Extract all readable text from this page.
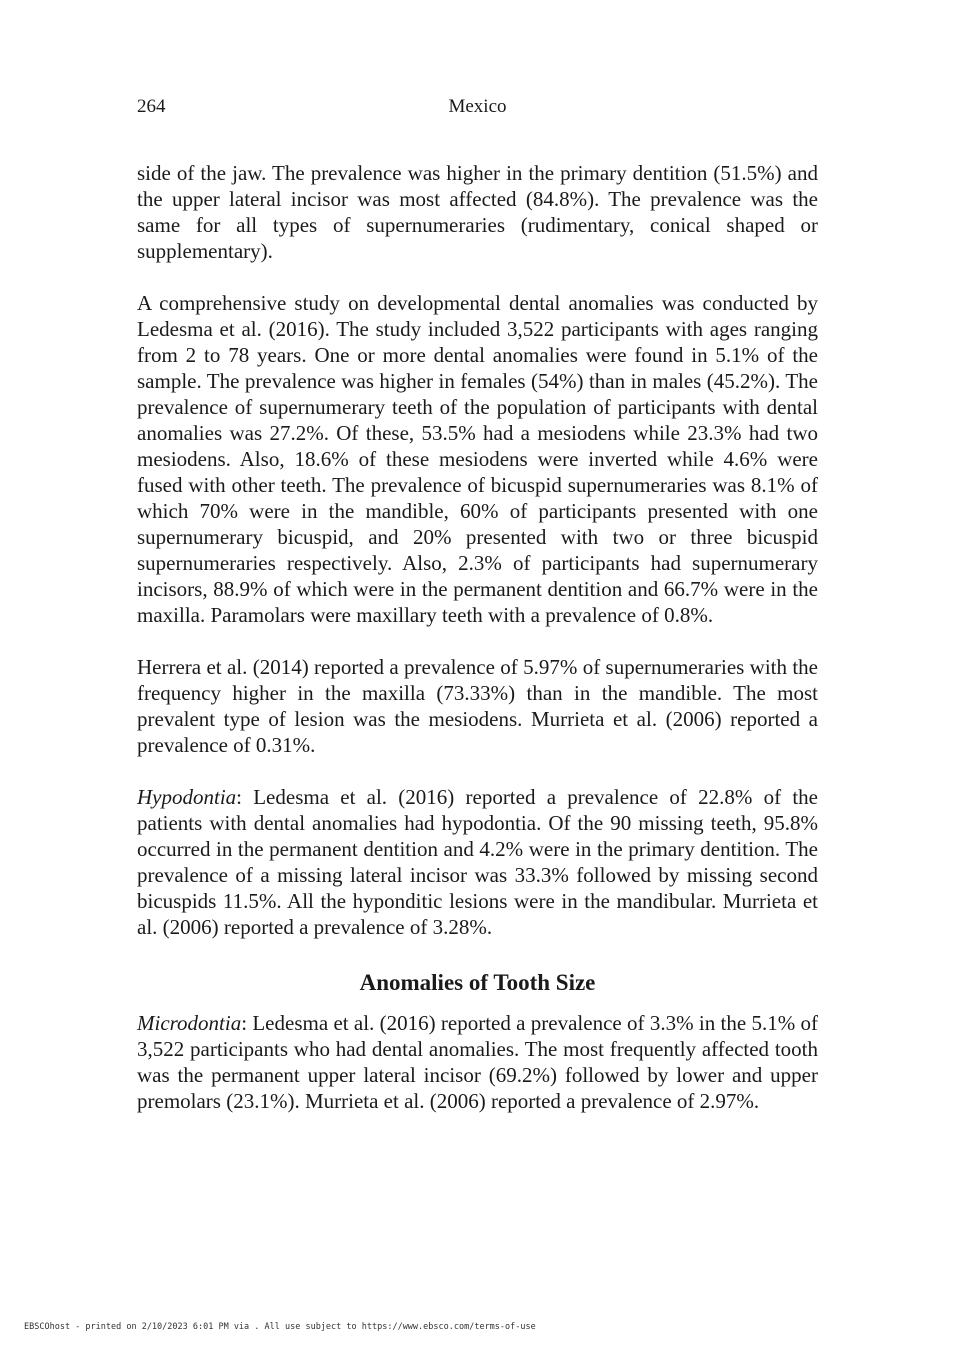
264	Mexico

side of the jaw. The prevalence was higher in the primary dentition (51.5%) and the upper lateral incisor was most affected (84.8%). The prevalence was the same for all types of supernumeraries (rudimentary, conical shaped or supplementary).

A comprehensive study on developmental dental anomalies was conducted by Ledesma et al. (2016). The study included 3,522 participants with ages ranging from 2 to 78 years. One or more dental anomalies were found in 5.1% of the sample. The prevalence was higher in females (54%) than in males (45.2%). The prevalence of supernumerary teeth of the population of participants with dental anomalies was 27.2%. Of these, 53.5% had a mesiodens while 23.3% had two mesiodens. Also, 18.6% of these mesiodens were inverted while 4.6% were fused with other teeth. The prevalence of bicuspid supernumeraries was 8.1% of which 70% were in the mandible, 60% of participants presented with one supernumerary bicuspid, and 20% presented with two or three bicuspid supernumeraries respectively. Also, 2.3% of participants had supernumerary incisors, 88.9% of which were in the permanent dentition and 66.7% were in the maxilla. Paramolars were maxillary teeth with a prevalence of 0.8%.

Herrera et al. (2014) reported a prevalence of 5.97% of supernumeraries with the frequency higher in the maxilla (73.33%) than in the mandible. The most prevalent type of lesion was the mesiodens. Murrieta et al. (2006) reported a prevalence of 0.31%.

Hypodontia: Ledesma et al. (2016) reported a prevalence of 22.8% of the patients with dental anomalies had hypodontia. Of the 90 missing teeth, 95.8% occurred in the permanent dentition and 4.2% were in the primary dentition. The prevalence of a missing lateral incisor was 33.3% followed by missing second bicuspids 11.5%. All the hyponditic lesions were in the mandibular. Murrieta et al. (2006) reported a prevalence of 3.28%.

Anomalies of Tooth Size

Microdontia: Ledesma et al. (2016) reported a prevalence of 3.3% in the 5.1% of 3,522 participants who had dental anomalies. The most frequently affected tooth was the permanent upper lateral incisor (69.2%) followed by lower and upper premolars (23.1%). Murrieta et al. (2006) reported a prevalence of 2.97%.

EBSCOhost - printed on 2/10/2023 6:01 PM via . All use subject to https://www.ebsco.com/terms-of-use
